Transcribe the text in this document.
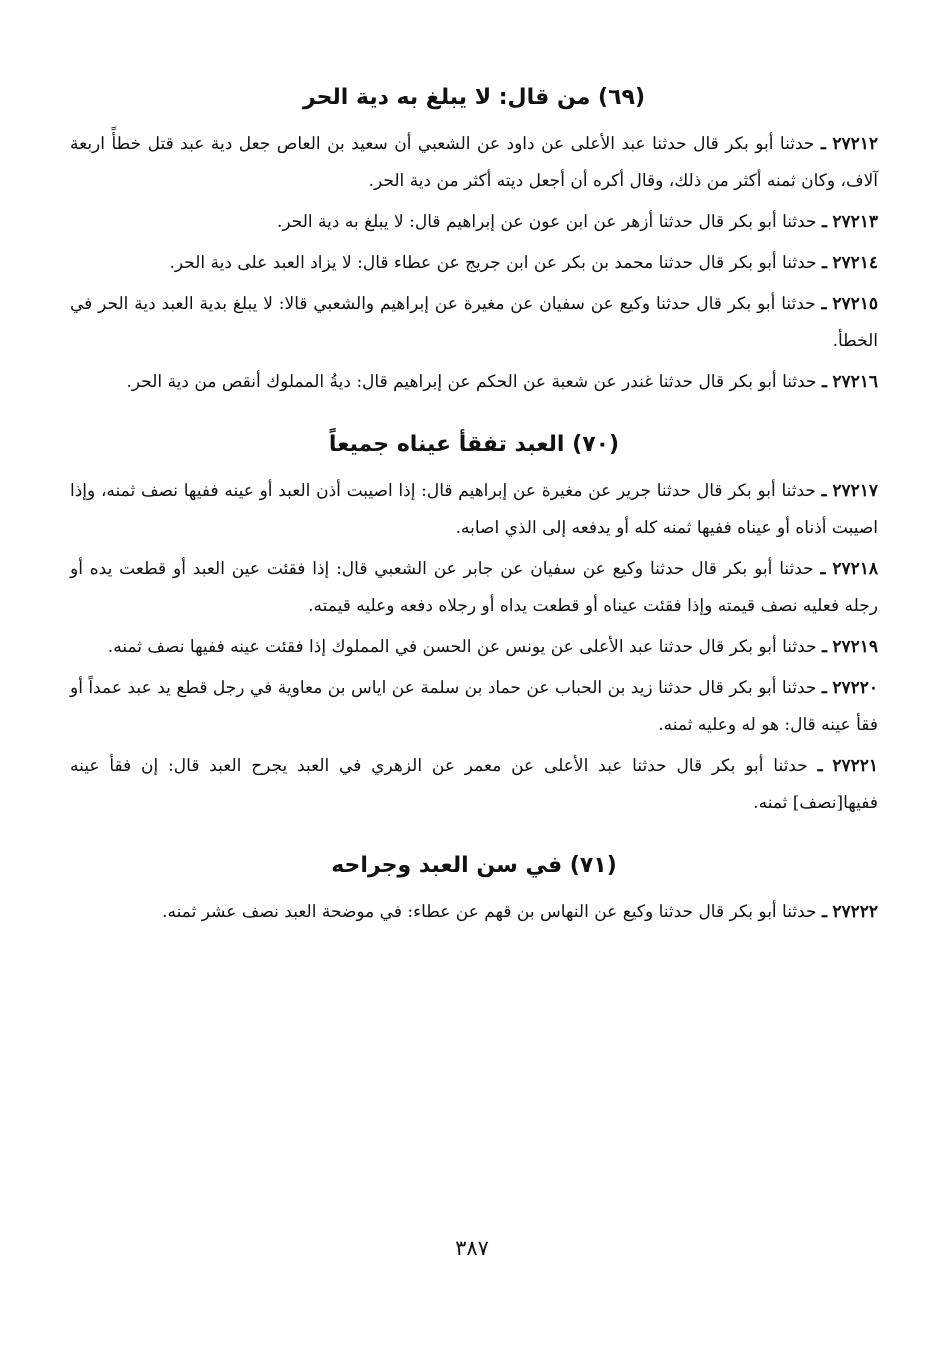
(٦٩) من قال: لا يبلغ به دية الحر

٢٧٢١٢ ـ حدثنا أبو بكر قال حدثنا عبد الأعلى عن داود عن الشعبي أن سعيد بن العاص جعل دية عبد قتل خطأً اربعة آلاف، وكان ثمنه أكثر من ذلك، وقال أكره أن أجعل ديته أكثر من دية الحر.

٢٧٢١٣ ـ حدثنا أبو بكر قال حدثنا أزهر عن ابن عون عن إبراهيم قال: لا يبلغ به دية الحر.

٢٧٢١٤ ـ حدثنا أبو بكر قال حدثنا محمد بن بكر عن ابن جريج عن عطاء قال: لا يزاد العبد على دية الحر.

٢٧٢١٥ ـ حدثنا أبو بكر قال حدثنا وكيع عن سفيان عن مغيرة عن إبراهيم والشعبي قالا: لا يبلغ بدية العبد دية الحر في الخطأ.

٢٧٢١٦ ـ حدثنا أبو بكر قال حدثنا غندر عن شعبة عن الحكم عن إبراهيم قال: ديةُ المملوك أنقص من دية الحر.

(٧٠) العبد تفقأ عيناه جميعاً

٢٧٢١٧ ـ حدثنا أبو بكر قال حدثنا جرير عن مغيرة عن إبراهيم قال: إذا اصيبت أذن العبد أو عينه ففيها نصف ثمنه، وإذا اصيبت أذناه أو عيناه ففيها ثمنه كله أو يدفعه إلى الذي اصابه.

٢٧٢١٨ ـ حدثنا أبو بكر قال حدثنا وكيع عن سفيان عن جابر عن الشعبي قال: إذا فقئت عين العبد أو قطعت يده أو رجله فعليه نصف قيمته وإذا فقئت عيناه أو قطعت يداه أو رجلاه دفعه وعليه قيمته.

٢٧٢١٩ ـ حدثنا أبو بكر قال حدثنا عبد الأعلى عن يونس عن الحسن في المملوك إذا فقئت عينه ففيها نصف ثمنه.

٢٧٢٢٠ ـ حدثنا أبو بكر قال حدثنا زيد بن الحباب عن حماد بن سلمة عن اياس بن معاوية في رجل قطع يد عبد عمداً أو فقأ عينه قال: هو له وعليه ثمنه.

٢٧٢٢١ ـ حدثنا أبو بكر قال حدثنا عبد الأعلى عن معمر عن الزهري في العبد يجرح العبد قال: إن فقأ عينه ففيها[نصف] ثمنه.

(٧١) في سن العبد وجراحه

٢٧٢٢٢ ـ حدثنا أبو بكر قال حدثنا وكيع عن النهاس بن قهم عن عطاء: في موضحة العبد نصف عشر ثمنه.

٣٨٧
